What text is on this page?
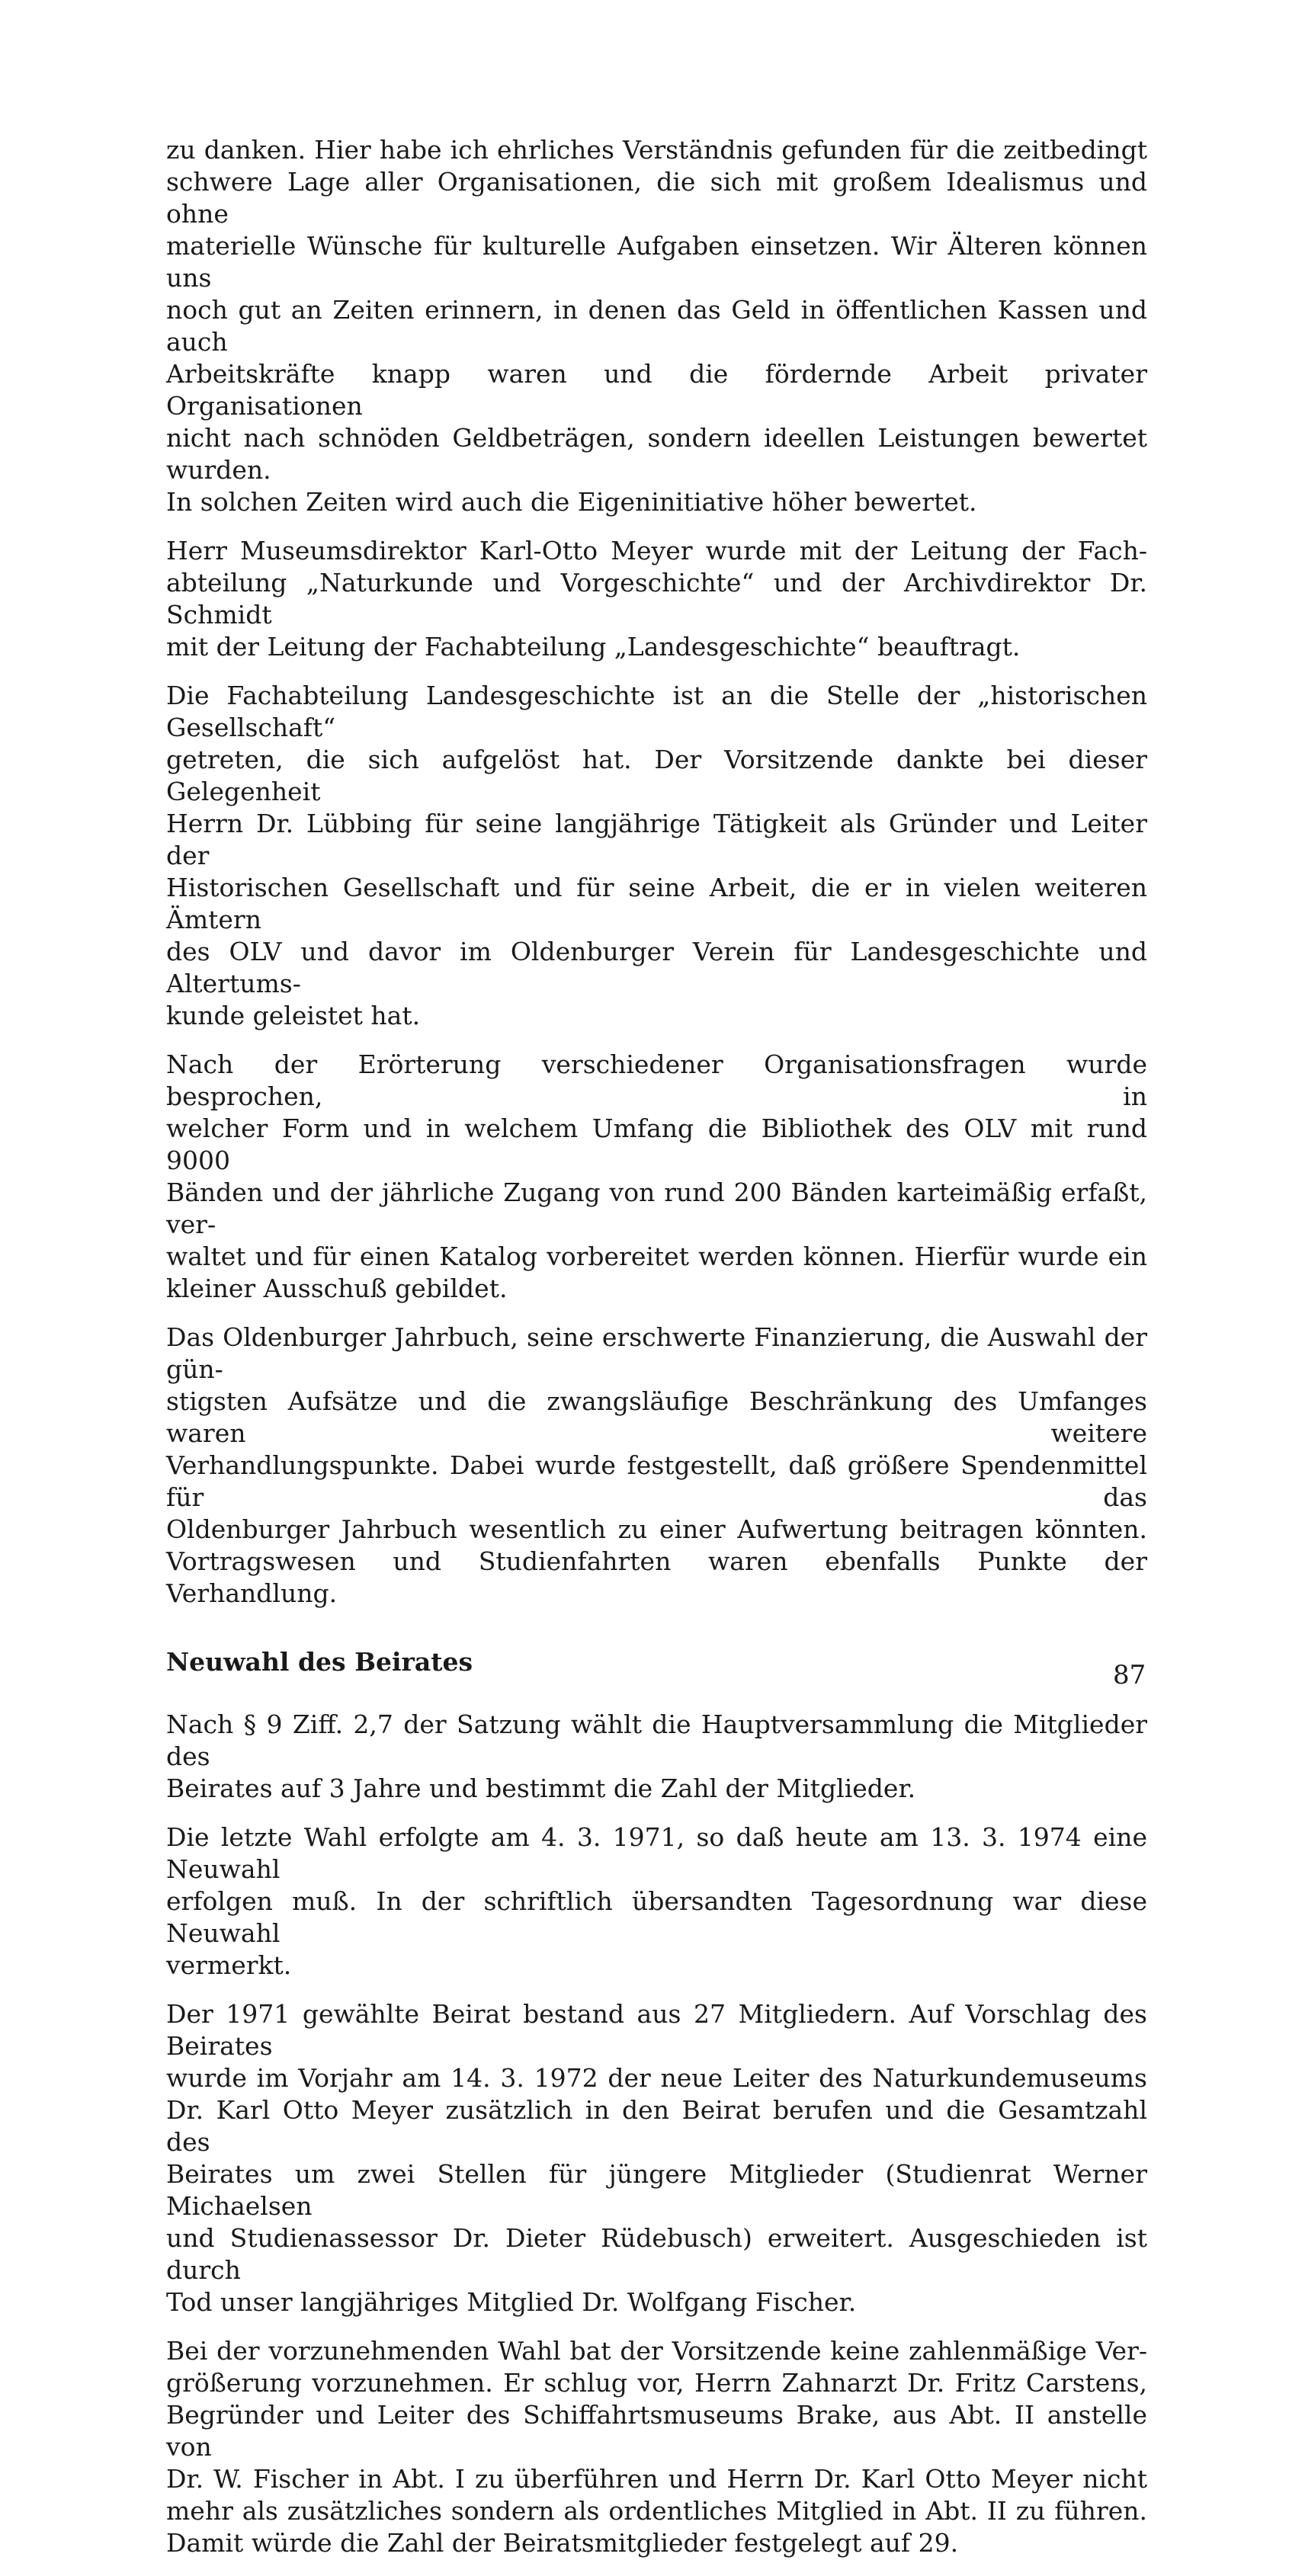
zu danken. Hier habe ich ehrliches Verständnis gefunden für die zeitbedingt
schwere Lage aller Organisationen, die sich mit großem Idealismus und ohne
materielle Wünsche für kulturelle Aufgaben einsetzen. Wir Älteren können uns
noch gut an Zeiten erinnern, in denen das Geld in öffentlichen Kassen und auch
Arbeitskräfte knapp waren und die fördernde Arbeit privater Organisationen
nicht nach schnöden Geldbeträgen, sondern ideellen Leistungen bewertet wurden.
In solchen Zeiten wird auch die Eigeninitiative höher bewertet.

Herr Museumsdirektor Karl-Otto Meyer wurde mit der Leitung der Fach-
abteilung „Naturkunde und Vorgeschichte“ und der Archivdirektor Dr. Schmidt
mit der Leitung der Fachabteilung „Landesgeschichte“ beauftragt.

Die Fachabteilung Landesgeschichte ist an die Stelle der „historischen Gesellschaft“
getreten, die sich aufgelöst hat. Der Vorsitzende dankte bei dieser Gelegenheit
Herrn Dr. Lübbing für seine langjährige Tätigkeit als Gründer und Leiter der
Historischen Gesellschaft und für seine Arbeit, die er in vielen weiteren Ämtern
des OLV und davor im Oldenburger Verein für Landesgeschichte und Altertums-
kunde geleistet hat.

Nach der Erörterung verschiedener Organisationsfragen wurde besprochen, in
welcher Form und in welchem Umfang die Bibliothek des OLV mit rund 9000
Bänden und der jährliche Zugang von rund 200 Bänden karteimäßig erfaßt, ver-
waltet und für einen Katalog vorbereitet werden können. Hierfür wurde ein
kleiner Ausschuß gebildet.

Das Oldenburger Jahrbuch, seine erschwerte Finanzierung, die Auswahl der gün-
stigsten Aufsätze und die zwangsläufige Beschränkung des Umfanges waren weitere
Verhandlungspunkte. Dabei wurde festgestellt, daß größere Spendenmittel für das
Oldenburger Jahrbuch wesentlich zu einer Aufwertung beitragen könnten.
Vortragswesen und Studienfahrten waren ebenfalls Punkte der Verhandlung.

Neuwahl des Beirates

Nach § 9 Ziff. 2,7 der Satzung wählt die Hauptversammlung die Mitglieder des
Beirates auf 3 Jahre und bestimmt die Zahl der Mitglieder.

Die letzte Wahl erfolgte am 4. 3. 1971, so daß heute am 13. 3. 1974 eine Neuwahl
erfolgen muß. In der schriftlich übersandten Tagesordnung war diese Neuwahl
vermerkt.

Der 1971 gewählte Beirat bestand aus 27 Mitgliedern. Auf Vorschlag des Beirates
wurde im Vorjahr am 14. 3. 1972 der neue Leiter des Naturkundemuseums
Dr. Karl Otto Meyer zusätzlich in den Beirat berufen und die Gesamtzahl des
Beirates um zwei Stellen für jüngere Mitglieder (Studienrat Werner Michaelsen
und Studienassessor Dr. Dieter Rüdebusch) erweitert. Ausgeschieden ist durch
Tod unser langjähriges Mitglied Dr. Wolfgang Fischer.

Bei der vorzunehmenden Wahl bat der Vorsitzende keine zahlenmäßige Ver-
größerung vorzunehmen. Er schlug vor, Herrn Zahnarzt Dr. Fritz Carstens,
Begründer und Leiter des Schiffahrtsmuseums Brake, aus Abt. II anstelle von
Dr. W. Fischer in Abt. I zu überführen und Herrn Dr. Karl Otto Meyer nicht
mehr als zusätzliches sondern als ordentliches Mitglied in Abt. II zu führen.
Damit würde die Zahl der Beiratsmitglieder festgelegt auf 29.

87
